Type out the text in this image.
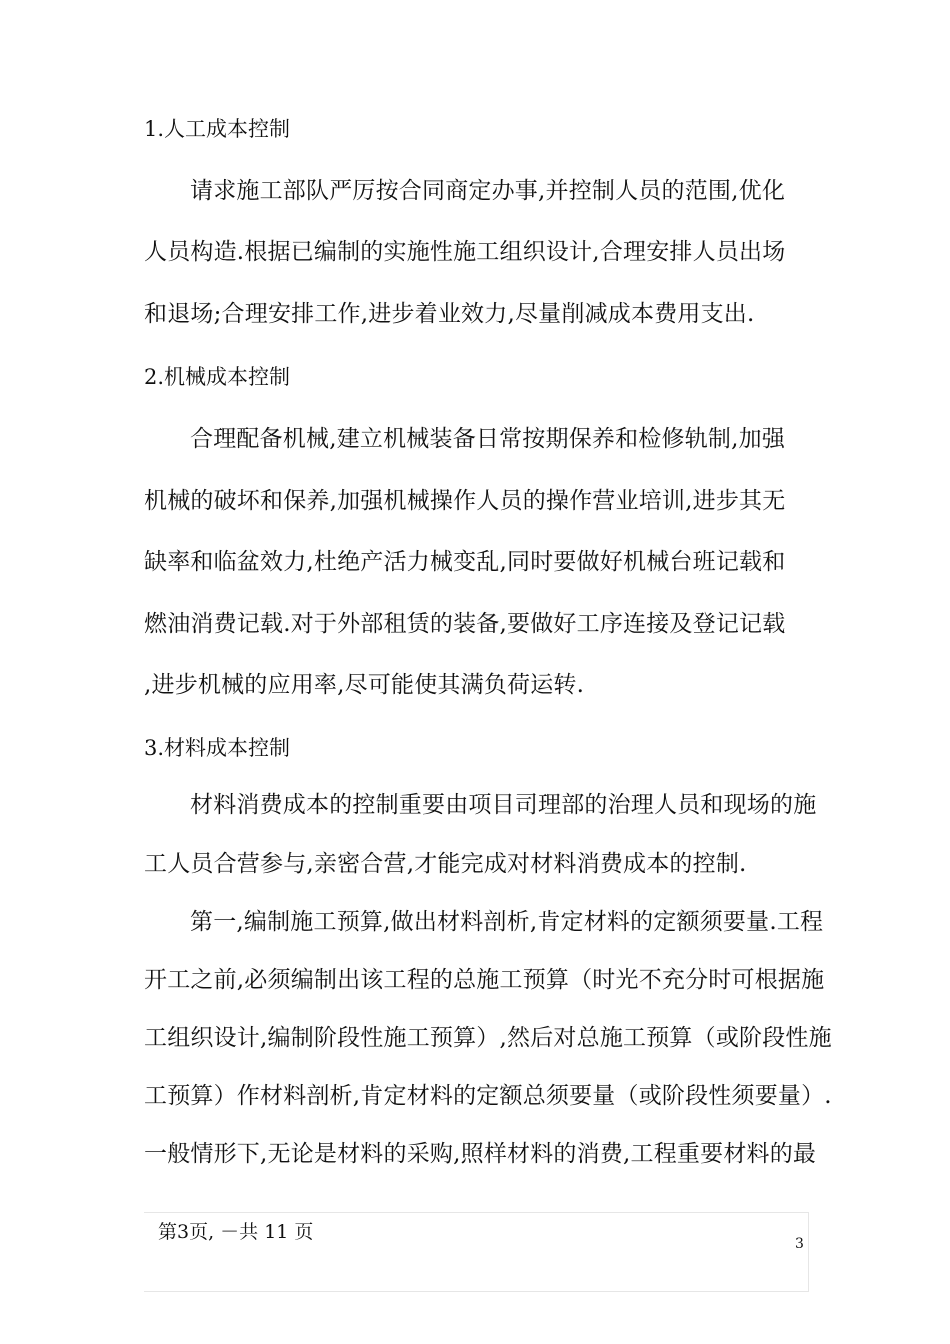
1.人工成本控制
请求施工部队严厉按合同商定办事,并控制人员的范围,优化
人员构造.根据已编制的实施性施工组织设计,合理安排人员出场
和退场;合理安排工作,进步着业效力,尽量削减成本费用支出.
2.机械成本控制
合理配备机械,建立机械装备日常按期保养和检修轨制,加强
机械的破坏和保养,加强机械操作人员的操作营业培训,进步其无
缺率和临盆效力,杜绝产活力械变乱,同时要做好机械台班记载和
燃油消费记载.对于外部租赁的装备,要做好工序连接及登记记载
,进步机械的应用率,尽可能使其满负荷运转.
3.材料成本控制
材料消费成本的控制重要由项目司理部的治理人员和现场的施
工人员合营参与,亲密合营,才能完成对材料消费成本的控制.
第一,编制施工预算,做出材料剖析,肯定材料的定额须要量.工程
开工之前,必须编制出该工程的总施工预算（时光不充分时可根据施
工组织设计,编制阶段性施工预算）,然后对总施工预算（或阶段性施
工预算）作材料剖析,肯定材料的定额总须要量（或阶段性须要量）.
一般情形下,无论是材料的采购,照样材料的消费,工程重要材料的最
第3页, －共 11 页
3
